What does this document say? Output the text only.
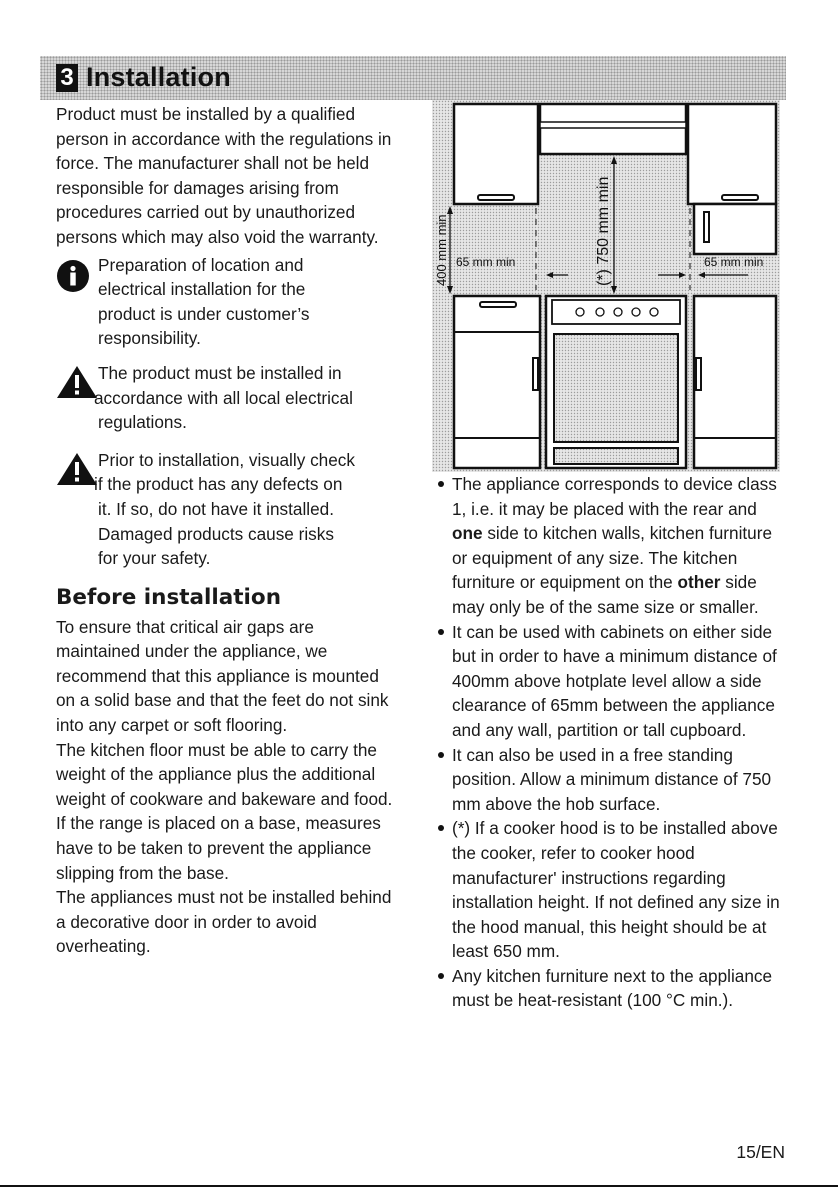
3 Installation

Product must be installed by a qualified person in accordance with the regulations in force. The manufacturer shall not be held responsible for damages arising from procedures carried out by unauthorized persons which may also void the warranty.

Preparation of location and
electrical installation for the
product is under customer’s
responsibility.
The product must be installed in
accordance with all local electrical
regulations.
Prior to installation, visually check
if the product has any defects on
it. If so, do not have it installed.
Damaged products cause risks
for your safety.
Before installation

To ensure that critical air gaps are maintained under the appliance, we recommend that this appliance is mounted on a solid base and that the feet do not sink into any carpet or soft flooring.

The kitchen floor must be able to carry the weight of the appliance plus the additional weight of cookware and bakeware and food.

If the range is placed on a base, measures have to be taken to prevent the appliance slipping from the base.

The appliances must not be installed behind a decorative door in order to avoid overheating.

(*) 750 mm min
400 mm min 65 mm min	65 mm min
The appliance corresponds to device class 1, i.e. it may be placed with the rear and one side to kitchen walls, kitchen furniture or equipment of any size. The kitchen furniture or equipment on the other side may only be of the same size or smaller.
It can be used with cabinets on either side but in order to have a minimum distance of 400mm above hotplate level allow a side clearance of 65mm between the appliance and any wall, partition or tall cupboard.
It can also be used in a free standing position. Allow a minimum distance of 750 mm above the hob surface.
(*) If a cooker hood is to be installed above the cooker, refer to cooker hood manufacturer' instructions regarding installation height. If not defined any size in the hood manual, this height should be at least 650 mm.
Any kitchen furniture next to the appliance must be heat-resistant (100 °C min.).
15/EN
